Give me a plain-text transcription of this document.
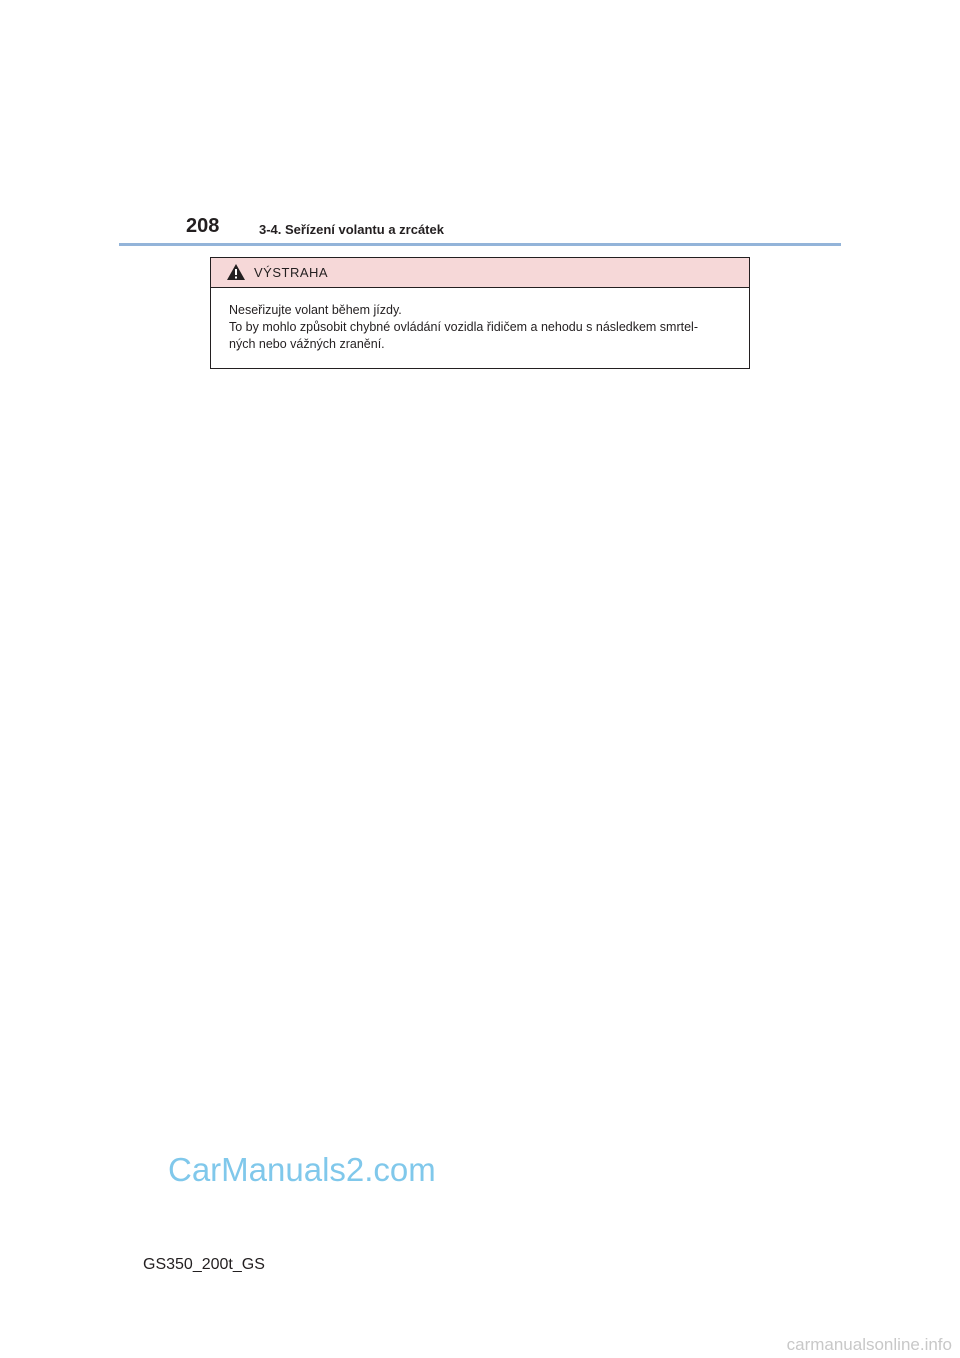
208	3-4. Seřízení volantu a zrcátek
VÝSTRAHA
Neseřizujte volant během jízdy.
To by mohlo způsobit chybné ovládání vozidla řidičem a nehodu s následkem smrtel-
ných nebo vážných zranění.
CarManuals2.com
GS350_200t_GS
carmanualsonline.info
